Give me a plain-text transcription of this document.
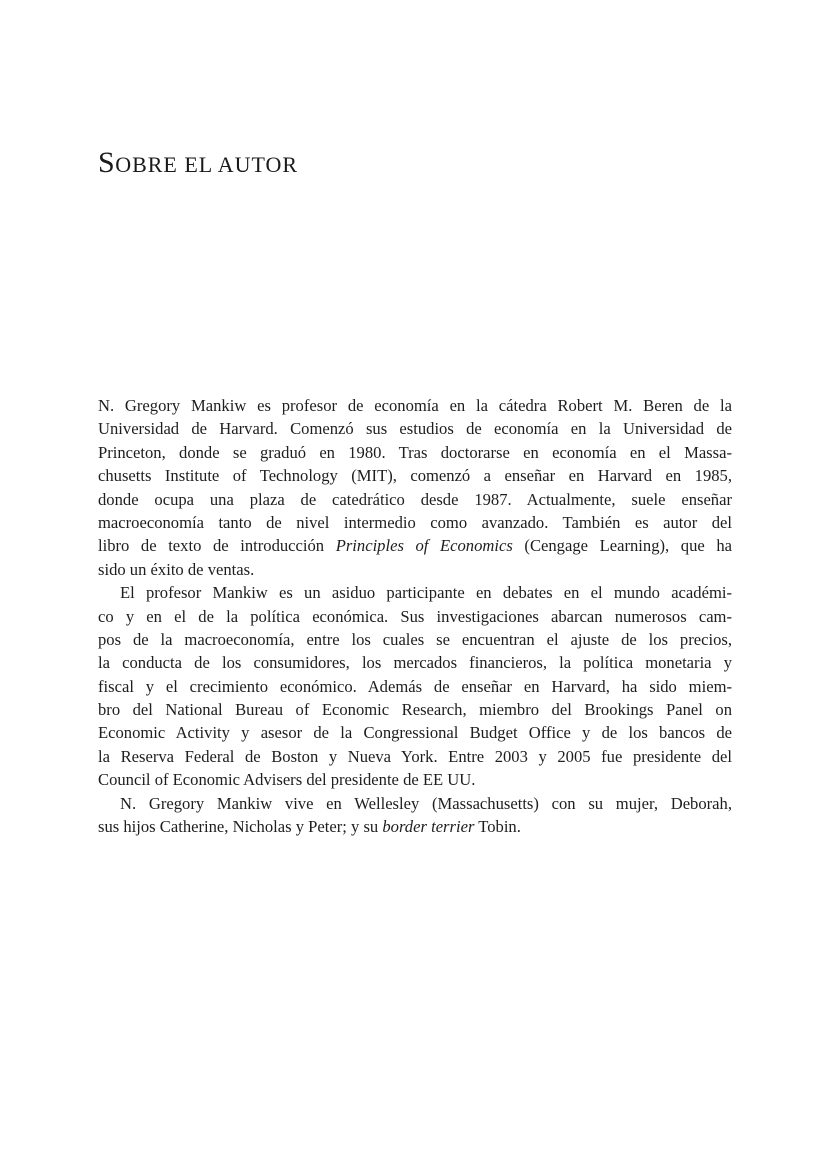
SOBRE EL AUTOR
N. Gregory Mankiw es profesor de economía en la cátedra Robert M. Beren de la
Universidad de Harvard. Comenzó sus estudios de economía en la Universidad de
Princeton, donde se graduó en 1980. Tras doctorarse en economía en el Massa-
chusetts Institute of Technology (MIT), comenzó a enseñar en Harvard en 1985,
donde ocupa una plaza de catedrático desde 1987. Actualmente, suele enseñar
macroeconomía tanto de nivel intermedio como avanzado. También es autor del
libro de texto de introducción Principles of Economics (Cengage Learning), que ha
sido un éxito de ventas.
El profesor Mankiw es un asiduo participante en debates en el mundo académi-
co y en el de la política económica. Sus investigaciones abarcan numerosos cam-
pos de la macroeconomía, entre los cuales se encuentran el ajuste de los precios,
la conducta de los consumidores, los mercados financieros, la política monetaria y
fiscal y el crecimiento económico. Además de enseñar en Harvard, ha sido miem-
bro del National Bureau of Economic Research, miembro del Brookings Panel on
Economic Activity y asesor de la Congressional Budget Office y de los bancos de
la Reserva Federal de Boston y Nueva York. Entre 2003 y 2005 fue presidente del
Council of Economic Advisers del presidente de EE UU.
N. Gregory Mankiw vive en Wellesley (Massachusetts) con su mujer, Deborah,
sus hijos Catherine, Nicholas y Peter; y su border terrier Tobin.
